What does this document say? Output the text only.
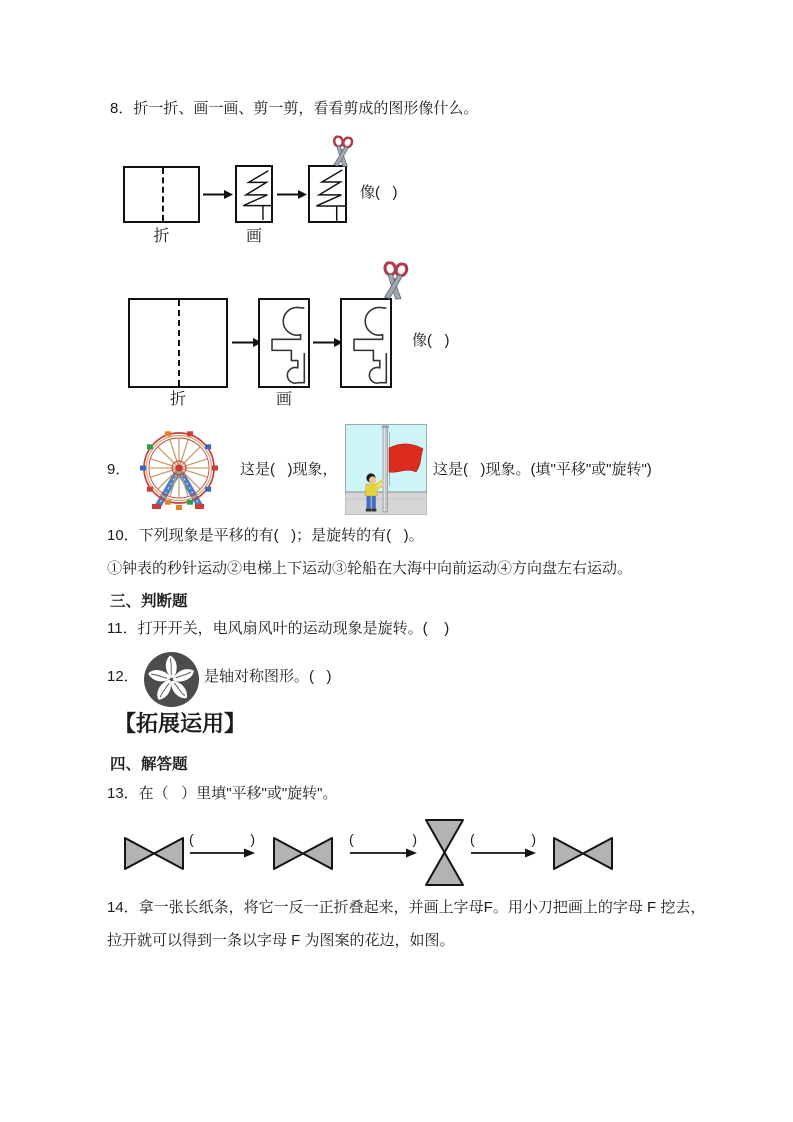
8．折一折、画一画、剪一剪，看看剪成的图形像什么。
折	画
像(   )
折	画
像(   )
9．	这是(   )现象，	这是(   )现象。(填"平移"或"旋转")
10．下列现象是平移的有(   )；是旋转的有(   )。
①钟表的秒针运动②电梯上下运动③轮船在大海中向前运动④方向盘左右运动。
三、判断题
11．打开开关，电风扇风叶的运动现象是旋转。(    )
12．	是轴对称图形。(   )
【拓展运用】
四、解答题
13．在（   ）里填"平移"或"旋转"。
(	)	(	)	(	)
14．拿一张长纸条，将它一反一正折叠起来，并画上字母F。用小刀把画上的字母 F 挖去，
拉开就可以得到一条以字母 F 为图案的花边，如图。
